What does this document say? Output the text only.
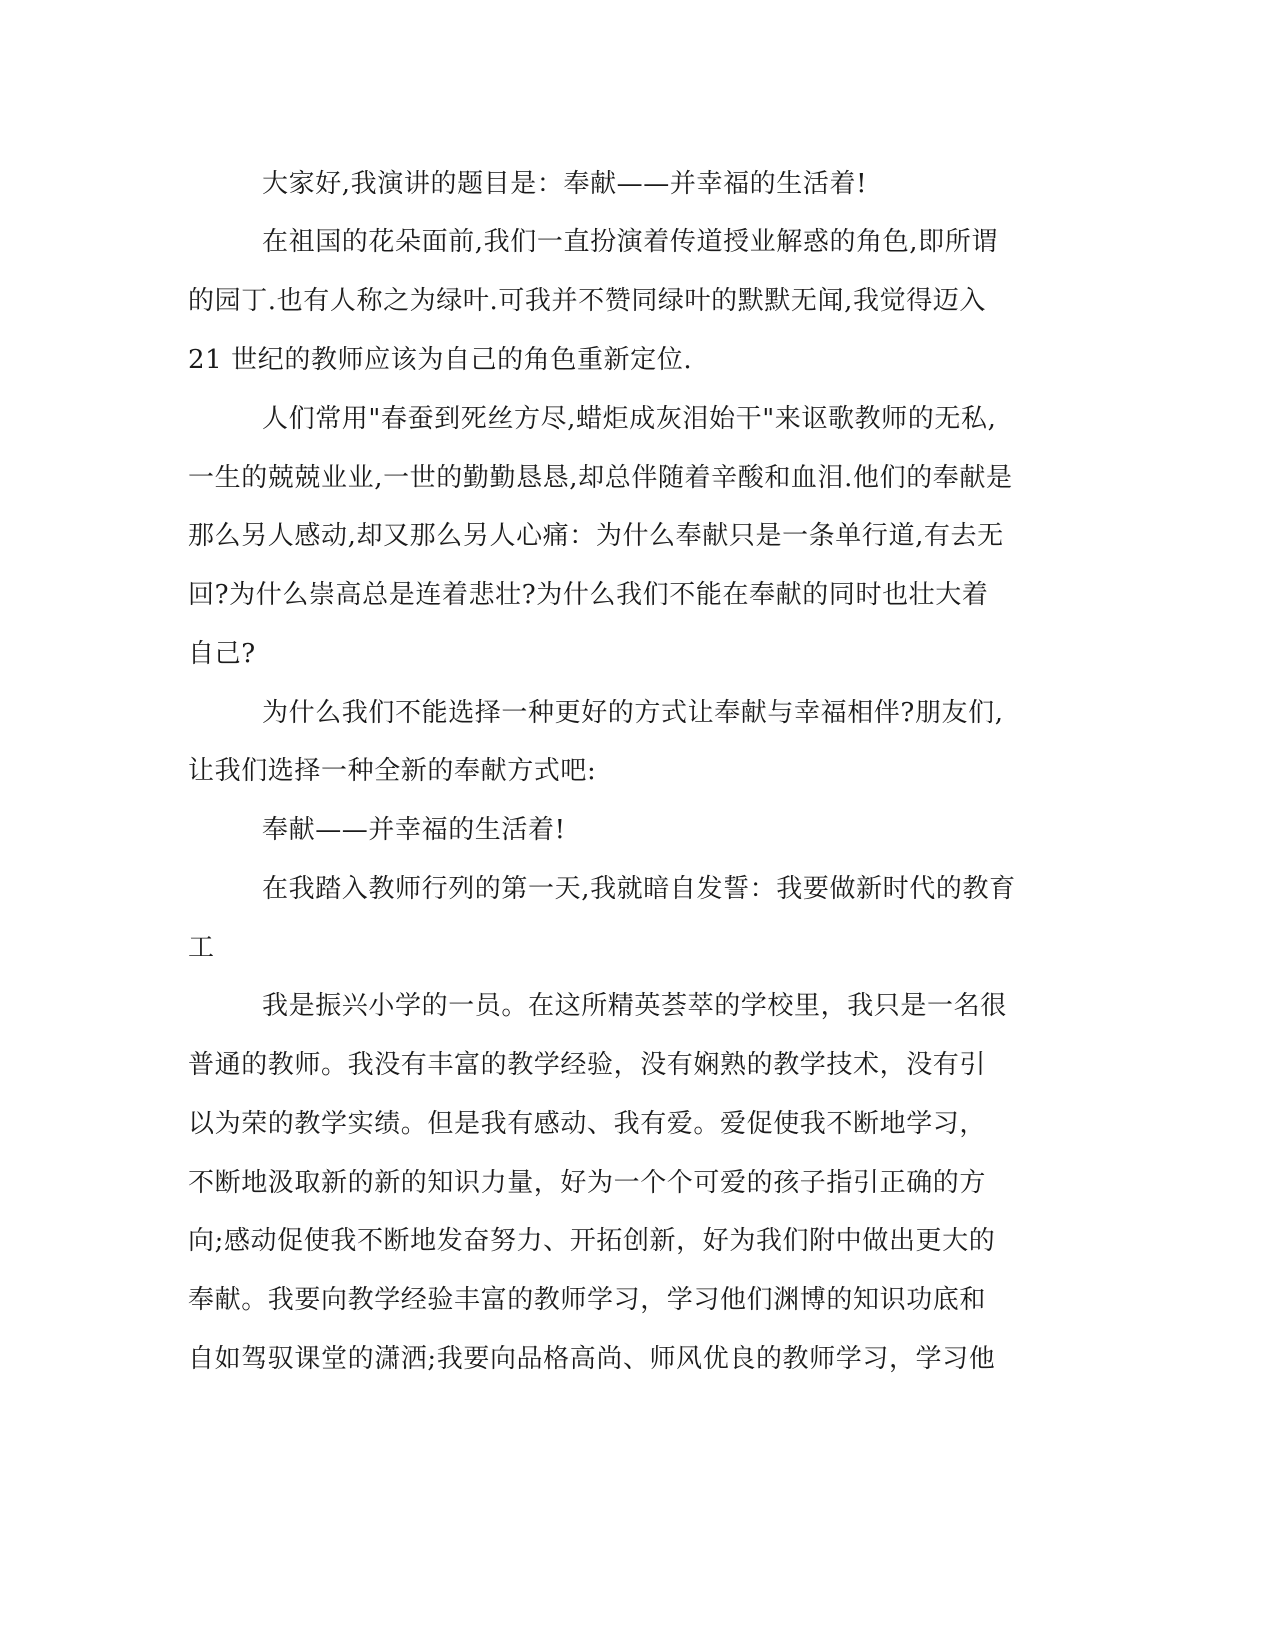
大家好,我演讲的题目是：奉献——并幸福的生活着!
在祖国的花朵面前,我们一直扮演着传道授业解惑的角色,即所谓
的园丁.也有人称之为绿叶.可我并不赞同绿叶的默默无闻,我觉得迈入
21 世纪的教师应该为自己的角色重新定位.
人们常用"春蚕到死丝方尽,蜡炬成灰泪始干"来讴歌教师的无私,
一生的兢兢业业,一世的勤勤恳恳,却总伴随着辛酸和血泪.他们的奉献是
那么另人感动,却又那么另人心痛：为什么奉献只是一条单行道,有去无
回?为什么崇高总是连着悲壮?为什么我们不能在奉献的同时也壮大着
自己?
为什么我们不能选择一种更好的方式让奉献与幸福相伴?朋友们,
让我们选择一种全新的奉献方式吧:
奉献——并幸福的生活着!
在我踏入教师行列的第一天,我就暗自发誓：我要做新时代的教育
工
我是振兴小学的一员。在这所精英荟萃的学校里，我只是一名很
普通的教师。我没有丰富的教学经验，没有娴熟的教学技术，没有引
以为荣的教学实绩。但是我有感动、我有爱。爱促使我不断地学习，
不断地汲取新的新的知识力量，好为一个个可爱的孩子指引正确的方
向;感动促使我不断地发奋努力、开拓创新，好为我们附中做出更大的
奉献。我要向教学经验丰富的教师学习，学习他们渊博的知识功底和
自如驾驭课堂的潇洒;我要向品格高尚、师风优良的教师学习，学习他
